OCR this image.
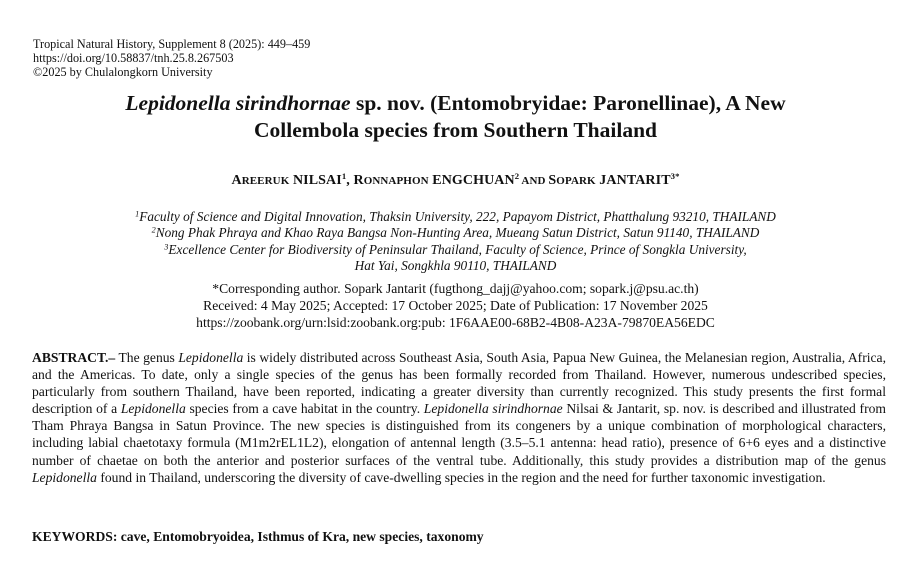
Tropical Natural History, Supplement 8 (2025): 449–459
https://doi.org/10.58837/tnh.25.8.267503
©2025 by Chulalongkorn University
Lepidonella sirindhornae sp. nov. (Entomobryidae: Paronellinae), A New
Collembola species from Southern Thailand
AREERUK NILSAI$^1$, RONNAPHON ENGCHUAN$^2$ AND SOPARK $JANTARIT^{3*}$
$^1$Faculty of Science and Digital Innovation, Thaksin University, 222, Papayom District, Phatthalung 93210, THAILAND
$^2$Nong Phak Phraya and Khao Raya Bangsa Non-Hunting Area, Mueang Satun District, Satun 91140, THAILAND
$^3$Excellence Center for Biodiversity of Peninsular Thailand, Faculty of Science, Prince of Songkla University,
Hat Yai, Songkhla 90110, THAILAND
*Corresponding author. Sopark Jantarit (fugthong_dajj@yahoo.com; sopark.j@psu.ac.th)
Received: 4 May 2025; Accepted: 17 October 2025; Date of Publication: 17 November 2025
https://zoobank.org/urn:lsid:zoobank.org:pub: 1F6AAE00-68B2-4B08-A23A-79870EA56EDC
ABSTRACT.– The genus Lepidonella is widely distributed across Southeast Asia, South Asia, Papua New Guinea, the Melanesian region, Australia, Africa, and the Americas. To date, only a single species of the genus has been formally recorded from Thailand. However, numerous undescribed species, particularly from southern Thailand, have been reported, indicating a greater diversity than currently recognized. This study presents the first formal description of a Lepidonella species from a cave habitat in the country. Lepidonella sirindhornae Nilsai & Jantarit, sp. nov. is described and illustrated from Tham Phraya Bangsa in Satun Province. The new species is distinguished from its congeners by a unique combination of morphological characters, including labial chaetotaxy formula (M1m2rEL1L2), elongation of antennal length (3.5–5.1 antenna: head ratio), presence of 6+6 eyes and a distinctive number of chaetae on both the anterior and posterior surfaces of the ventral tube. Additionally, this study provides a distribution map of the genus Lepidonella found in Thailand, underscoring the diversity of cave-dwelling species in the region and the need for further taxonomic investigation.
KEYWORDS: cave, Entomobryoidea, Isthmus of Kra, new species, taxonomy
